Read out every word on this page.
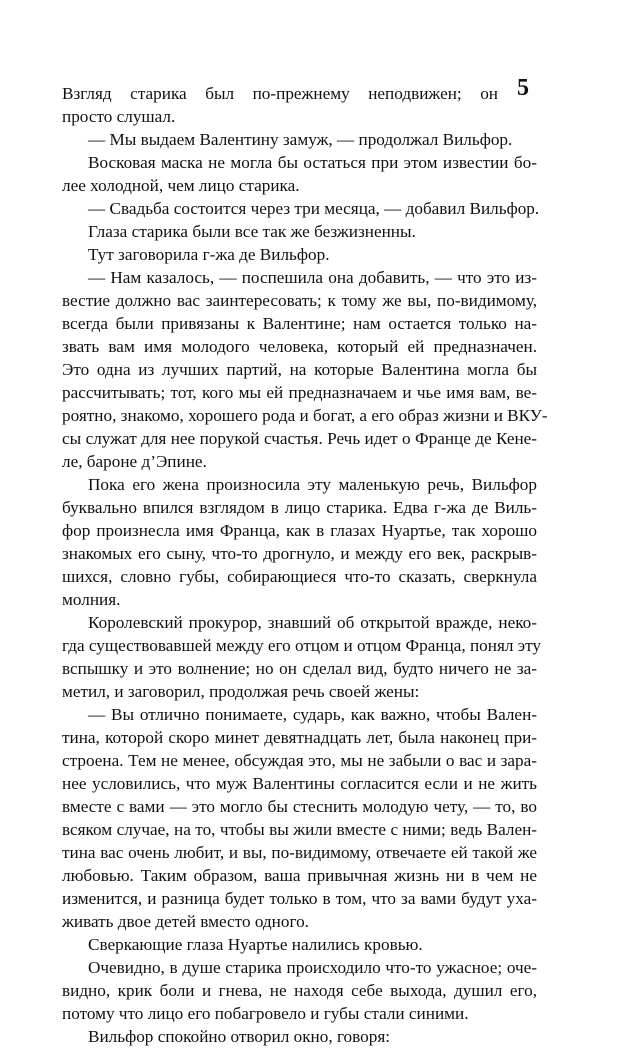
5
Взгляд старика был по-прежнему неподвижен; он
просто слушал.
— Мы выдаем Валентину замуж, — продолжал Вильфор.
Восковая маска не могла бы остаться при этом известии бо-
лее холодной, чем лицо старика.
— Свадьба состоится через три месяца, — добавил Вильфор.
Глаза старика были все так же безжизненны.
Тут заговорила г-жа де Вильфор.
— Нам казалось, — поспешила она добавить, — что это из-
вестие должно вас заинтересовать; к тому же вы, по-видимому,
всегда были привязаны к Валентине; нам остается только на-
звать вам имя молодого человека, который ей предназначен.
Это одна из лучших партий, на которые Валентина могла бы
рассчитывать; тот, кого мы ей предназначаем и чье имя вам, ве-
роятно, знакомо, хорошего рода и богат, а его образ жизни и ВКУ-
сы служат для нее порукой счастья. Речь идет о Франце де Кене-
ле, бароне д’Эпине.
Пока его жена произносила эту маленькую речь, Вильфор
буквально впился взглядом в лицо старика. Едва г-жа де Виль-
фор произнесла имя Франца, как в глазах Нуартье, так хорошо
знакомых его сыну, что-то дрогнуло, и между его век, раскрыв-
шихся, словно губы, собирающиеся что-то сказать, сверкнула
молния.
Королевский прокурор, знавший об открытой вражде, неко-
гда существовавшей между его отцом и отцом Франца, понял эту
вспышку и это волнение; но он сделал вид, будто ничего не за-
метил, и заговорил, продолжая речь своей жены:
— Вы отлично понимаете, сударь, как важно, чтобы Вален-
тина, которой скоро минет девятнадцать лет, была наконец при-
строена. Тем не менее, обсуждая это, мы не забыли о вас и зара-
нее условились, что муж Валентины согласится если и не жить
вместе с вами — это могло бы стеснить молодую чету, — то, во
всяком случае, на то, чтобы вы жили вместе с ними; ведь Вален-
тина вас очень любит, и вы, по-видимому, отвечаете ей такой же
любовью. Таким образом, ваша привычная жизнь ни в чем не
изменится, и разница будет только в том, что за вами будут уха-
живать двое детей вместо одного.
Сверкающие глаза Нуартье налились кровью.
Очевидно, в душе старика происходило что-то ужасное; оче-
видно, крик боли и гнева, не находя себе выхода, душил его,
потому что лицо его побагровело и губы стали синими.
Вильфор спокойно отворил окно, говоря:
